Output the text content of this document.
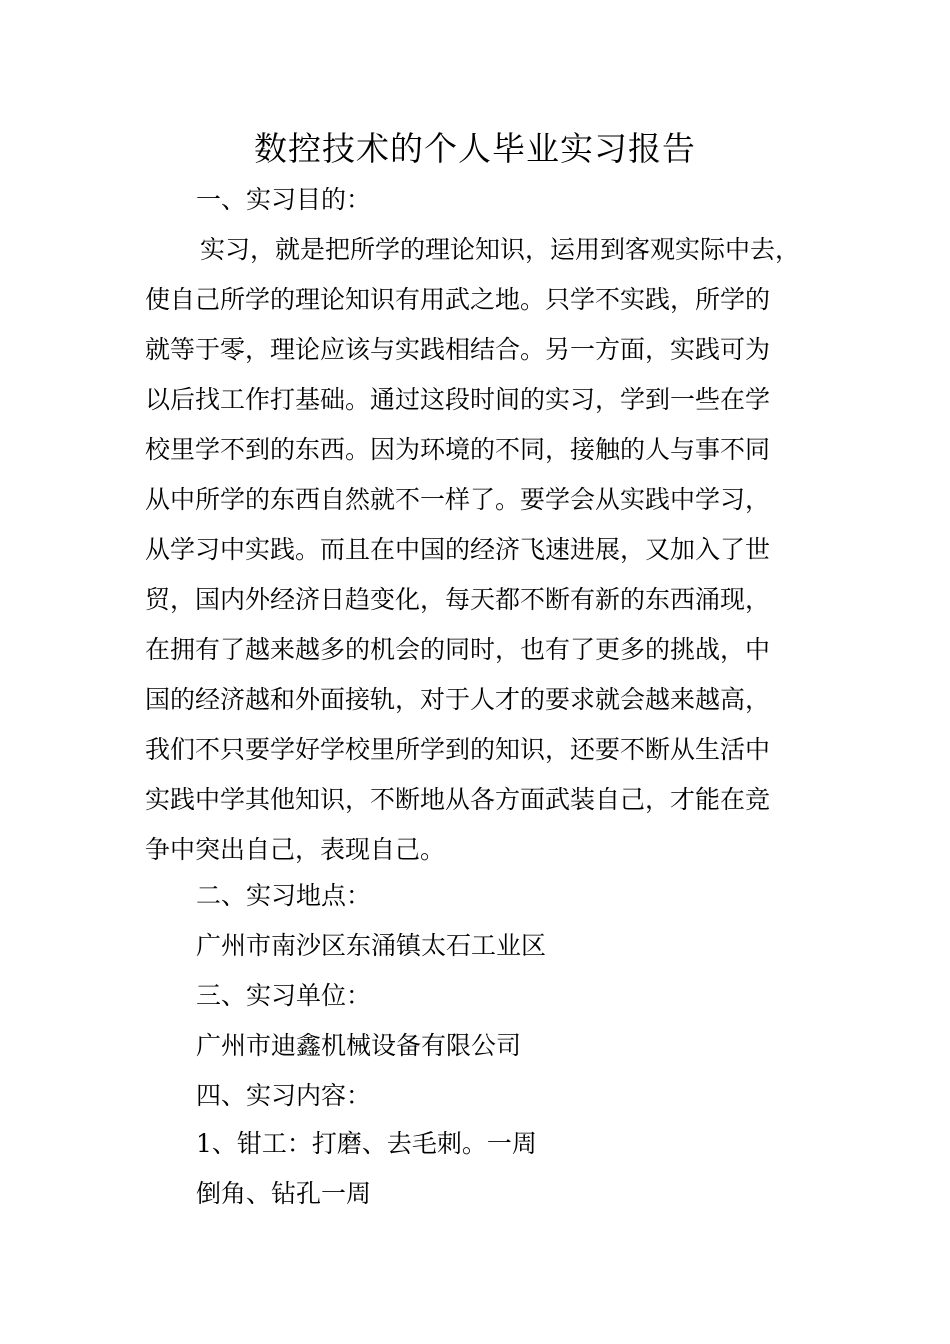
数控技术的个人毕业实习报告

一、实习目的：

实习，就是把所学的理论知识，运用到客观实际中去，

使自己所学的理论知识有用武之地。只学不实践，所学的

就等于零，理论应该与实践相结合。另一方面，实践可为

以后找工作打基础。通过这段时间的实习，学到一些在学

校里学不到的东西。因为环境的不同，接触的人与事不同

从中所学的东西自然就不一样了。要学会从实践中学习，

从学习中实践。而且在中国的经济飞速进展，又加入了世

贸，国内外经济日趋变化，每天都不断有新的东西涌现，

在拥有了越来越多的机会的同时，也有了更多的挑战，中

国的经济越和外面接轨，对于人才的要求就会越来越高，

我们不只要学好学校里所学到的知识，还要不断从生活中

实践中学其他知识，不断地从各方面武装自己，才能在竞

争中突出自己，表现自己。

二、实习地点：

广州市南沙区东涌镇太石工业区

三、实习单位：

广州市迪鑫机械设备有限公司

四、实习内容：

1、钳工：打磨、去毛刺。一周

倒角、钻孔一周
